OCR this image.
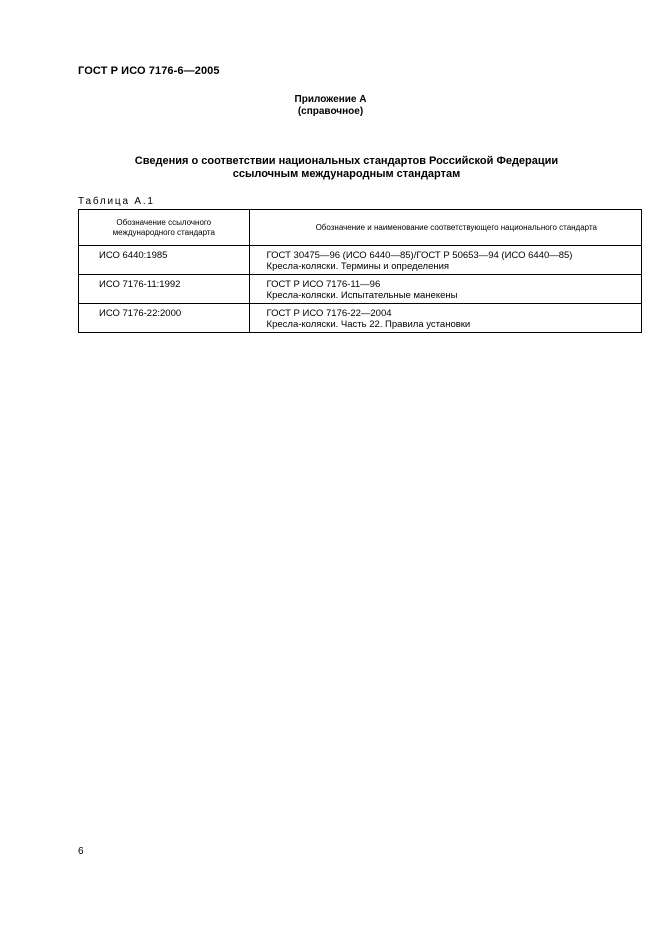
ГОСТ Р ИСО 7176-6—2005
Приложение А
(справочное)
Сведения о соответствии национальных стандартов Российской Федерации
ссылочным международным стандартам
Таблица А.1
Обозначение ссылочного
международного стандарта	Обозначение и наименование соответствующего национального стандарта
ИСО 6440:1985	ГОСТ 30475—96 (ИСО 6440—85)/ГОСТ Р 50653—94 (ИСО 6440—85)
Кресла-коляски. Термины и определения

ИСО 7176-11:1992	ГОСТ Р ИСО 7176-11—96
Кресла-коляски. Испытательные манекены

ИСО 7176-22:2000	ГОСТ Р ИСО 7176-22—2004
Кресла-коляски. Часть 22. Правила установки
6
